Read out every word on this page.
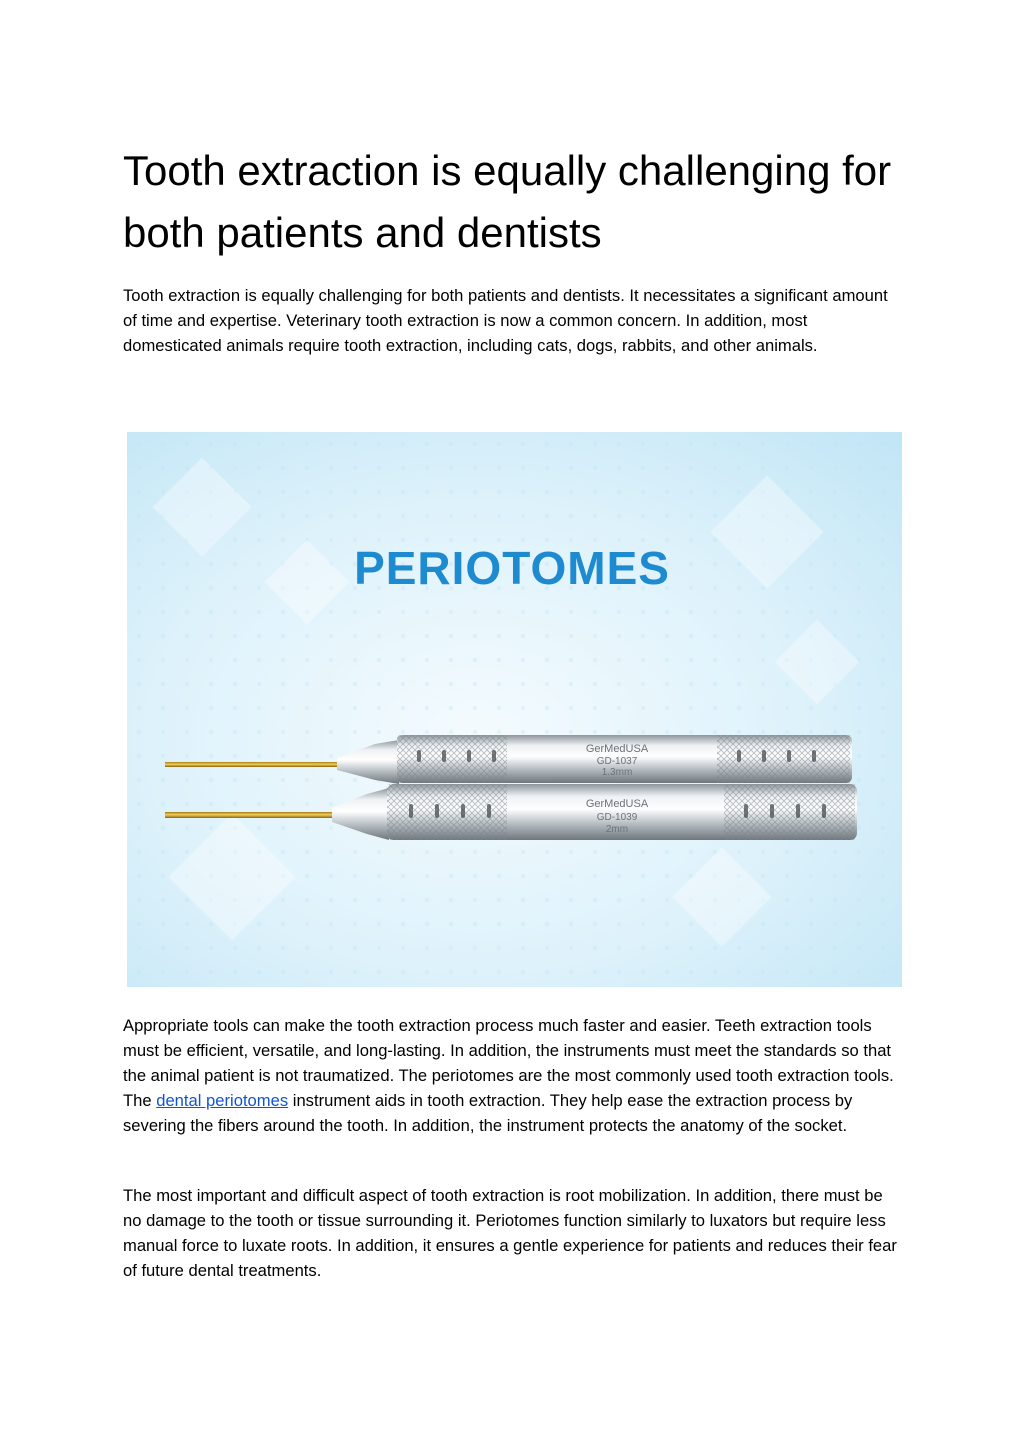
Tooth extraction is equally challenging for both patients and dentists

Tooth extraction is equally challenging for both patients and dentists. It necessitates a significant amount of time and expertise. Veterinary tooth extraction is now a common concern. In addition, most domesticated animals require tooth extraction, including cats, dogs, rabbits, and other animals.

PERIOTOMES
GerMedUSA
GD-1037
1.3mm
GerMedUSA
GD-1039
2mm

Appropriate tools can make the tooth extraction process much faster and easier. Teeth extraction tools must be efficient, versatile, and long-lasting. In addition, the instruments must meet the standards so that the animal patient is not traumatized. The periotomes are the most commonly used tooth extraction tools. The dental periotomes instrument aids in tooth extraction. They help ease the extraction process by severing the fibers around the tooth. In addition, the instrument protects the anatomy of the socket.

The most important and difficult aspect of tooth extraction is root mobilization. In addition, there must be no damage to the tooth or tissue surrounding it. Periotomes function similarly to luxators but require less manual force to luxate roots. In addition, it ensures a gentle experience for patients and reduces their fear of future dental treatments.
